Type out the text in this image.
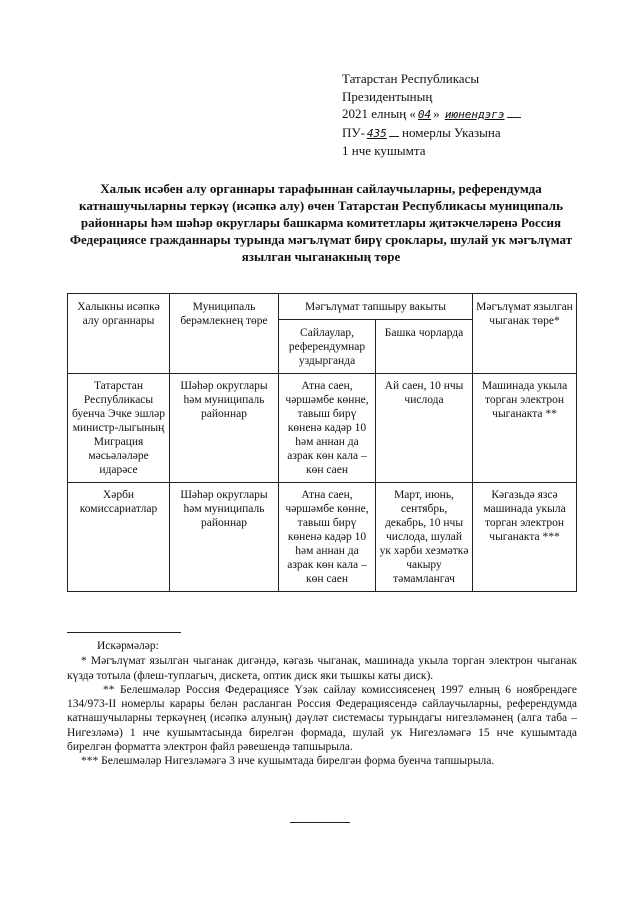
Татарстан Республикасы
Президентының
2021 елның « 04 » июнендэгэ
ПУ- 435 номерлы Указына
1 нче кушымта
Халык исәбен алу органнары тарафыннан сайлаучыларны, референдумда катнашучыларны теркәү (исәпкә алу) өчен Татарстан Республикасы муниципаль районнары һәм шәһәр округлары башкарма комитетлары җитәкчеләренә Россия Федерациясе гражданнары турында мәгълүмат бирү сроклары, шулай ук мәгълүмат язылган чыганакның төре
Халыкны исәпкә алу органнары	Муниципаль берәмлекнең төре	Мәгълүмат тапшыру вакыты		Мәгълүмат язылган чыганак төре*
		Сайлаулар, референдумнар уздырганда	Башка чорларда	
Татарстан Республикасы буенча Эчке эшләр министр-лыгының Миграция мәсьәләләре идарәсе	Шәһәр округлары һәм муниципаль районнар	Атна саен, чәршәмбе көнне, тавыш бирү көненә кадәр 10 һәм аннан да азрак көн кала – көн саен	Ай саен, 10 нчы числода	Машинада укыла торган электрон чыганакта **
Хәрби комиссариатлар	Шәһәр округлары һәм муниципаль районнар	Атна саен, чәршәмбе көнне, тавыш бирү көненә кадәр 10 һәм аннан да азрак көн кала – көн саен	Март, июнь, сентябрь, декабрь, 10 нчы числода, шулай ук хәрби хезмәткә чакыру тәмамлангач	Кәгазьдә язсә машинада укыла торган электрон чыганакта ***

Искәрмәләр:

* Мәгълүмат язылган чыганак дигәндә, кәгазь чыганак, машинада укыла торган электрон чыганак күздә тотыла (флеш-туплагыч, дискета, оптик диск яки тышкы каты диск).

** Белешмәләр Россия Федерациясе Үзәк сайлау комиссиясенең 1997 елның 6 ноябрендәге 134/973-II номерлы карары белән расланган Россия Федерациясендә сайлаучыларны, референдумда катнашучыларны теркәүнең (исәпкә алуның) дәүләт системасы турындагы нигезләмәнең (алга таба – Нигезләмә) 1 нче кушымтасында бирелгән формада, шулай ук Нигезләмәгә 15 нче кушымтада бирелгән форматта электрон файл рәвешендә тапшырыла.

*** Белешмәләр Нигезләмәгә 3 нче кушымтада бирелгән форма буенча тапшырыла.
